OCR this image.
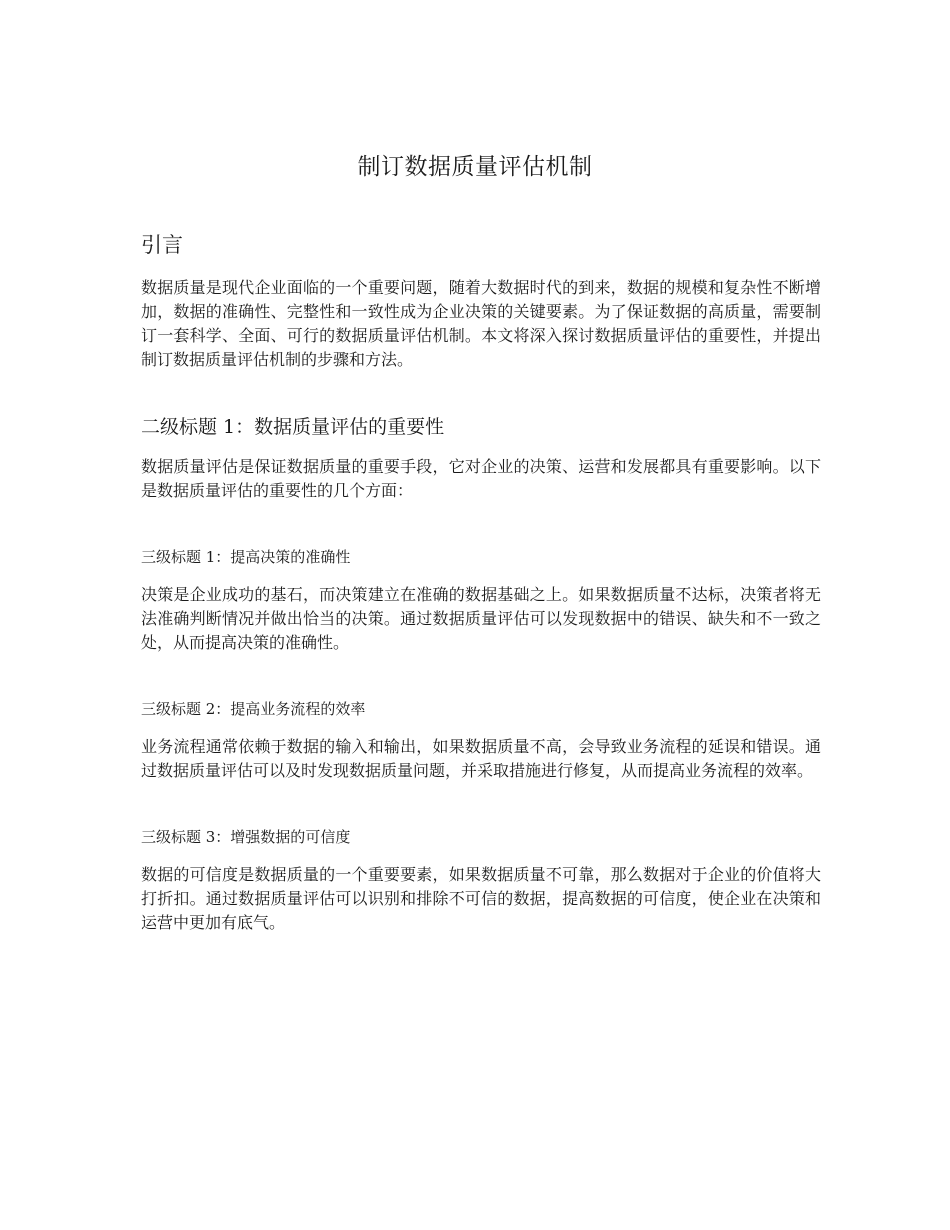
制订数据质量评估机制
引言

数据质量是现代企业面临的一个重要问题，随着大数据时代的到来，数据的规模和复杂性不断增加，数据的准确性、完整性和一致性成为企业决策的关键要素。为了保证数据的高质量，需要制订一套科学、全面、可行的数据质量评估机制。本文将深入探讨数据质量评估的重要性，并提出制订数据质量评估机制的步骤和方法。

二级标题 1：数据质量评估的重要性

数据质量评估是保证数据质量的重要手段，它对企业的决策、运营和发展都具有重要影响。以下是数据质量评估的重要性的几个方面：

三级标题 1：提高决策的准确性

决策是企业成功的基石，而决策建立在准确的数据基础之上。如果数据质量不达标，决策者将无法准确判断情况并做出恰当的决策。通过数据质量评估可以发现数据中的错误、缺失和不一致之处，从而提高决策的准确性。

三级标题 2：提高业务流程的效率

业务流程通常依赖于数据的输入和输出，如果数据质量不高，会导致业务流程的延误和错误。通过数据质量评估可以及时发现数据质量问题，并采取措施进行修复，从而提高业务流程的效率。

三级标题 3：增强数据的可信度

数据的可信度是数据质量的一个重要要素，如果数据质量不可靠，那么数据对于企业的价值将大打折扣。通过数据质量评估可以识别和排除不可信的数据，提高数据的可信度，使企业在决策和运营中更加有底气。
